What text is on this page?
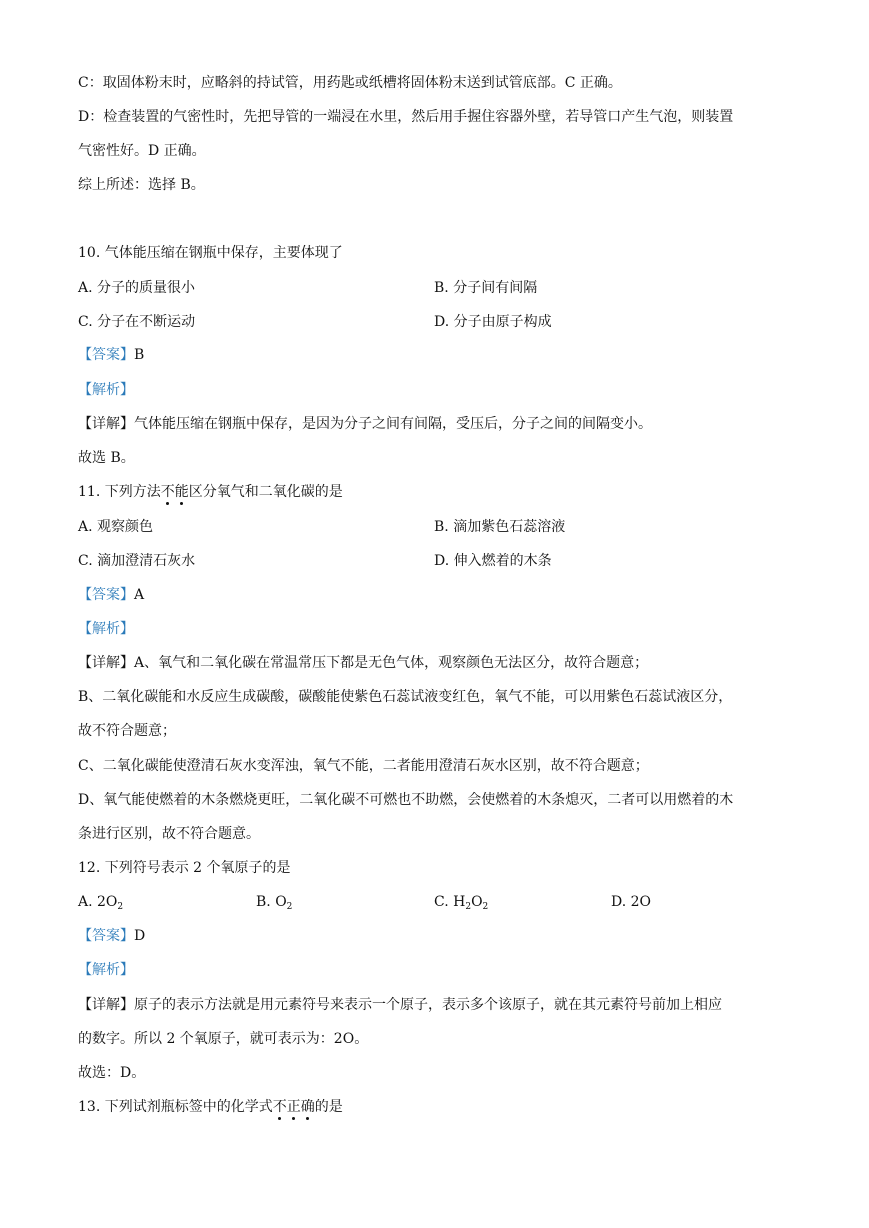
C：取固体粉末时，应略斜的持试管，用药匙或纸槽将固体粉末送到试管底部。C 正确。
D：检查装置的气密性时，先把导管的一端浸在水里，然后用手握住容器外壁，若导管口产生气泡，则装置
气密性好。D 正确。
综上所述：选择 B。
10. 气体能压缩在钢瓶中保存，主要体现了
A. 分子的质量很小	B. 分子间有间隔
C. 分子在不断运动	D. 分子由原子构成
【答案】B
【解析】
【详解】气体能压缩在钢瓶中保存，是因为分子之间有间隔，受压后，分子之间的间隔变小。
故选 B。
11. 下列方法不能区分氧气和二氧化碳的是
A. 观察颜色	B. 滴加紫色石蕊溶液
C. 滴加澄清石灰水	D. 伸入燃着的木条
【答案】A
【解析】
【详解】A、氧气和二氧化碳在常温常压下都是无色气体，观察颜色无法区分，故符合题意；
B、二氧化碳能和水反应生成碳酸，碳酸能使紫色石蕊试液变红色，氧气不能，可以用紫色石蕊试液区分，
故不符合题意；
C、二氧化碳能使澄清石灰水变浑浊，氧气不能，二者能用澄清石灰水区别，故不符合题意；
D、氧气能使燃着的木条燃烧更旺，二氧化碳不可燃也不助燃，会使燃着的木条熄灭，二者可以用燃着的木
条进行区别，故不符合题意。
12. 下列符号表示 2 个氧原子的是
A. $2O_2$	B. $O_2$	C. $H_2O_2$	D. 2O
【答案】D
【解析】
【详解】原子的表示方法就是用元素符号来表示一个原子，表示多个该原子，就在其元素符号前加上相应
的数字。所以 2 个氧原子，就可表示为：2O。
故选：D。
13. 下列试剂瓶标签中的化学式不正确的是
